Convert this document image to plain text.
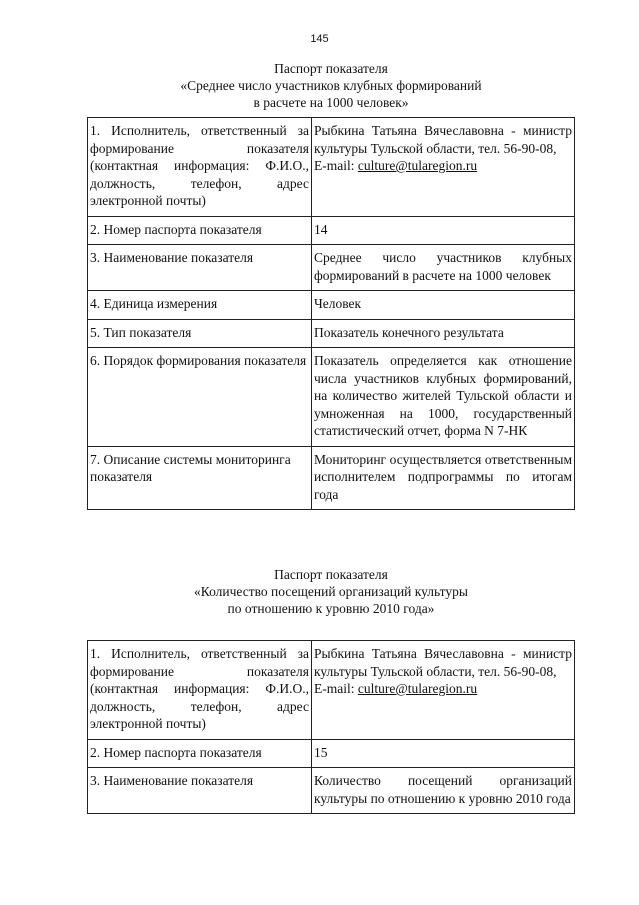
145
Паспорт показателя
«Среднее число участников клубных формирований
в расчете на 1000 человек»
1. Исполнитель, ответственный за формирование показателя (контактная информация: Ф.И.О., должность, телефон, адрес электронной почты)	Рыбкина Татьяна Вячеславовна - министр культуры Тульской области, тел. 56-90-08,
E-mail: culture@tularegion.ru

2. Номер паспорта показателя	14

3. Наименование показателя	Среднее число участников клубных формирований в расчете на 1000 человек

4. Единица измерения	Человек

5. Тип показателя	Показатель конечного результата

6. Порядок формирования показателя	Показатель определяется как отношение числа участников клубных формирований, на количество жителей Тульской области и умноженная на 1000, государственный статистический отчет, форма N 7-НК

7. Описание системы мониторинга показателя	Мониторинг осуществляется ответственным исполнителем подпрограммы по итогам года
Паспорт показателя
«Количество посещений организаций культуры
по отношению к уровню 2010 года»
1. Исполнитель, ответственный за формирование показателя (контактная информация: Ф.И.О., должность, телефон, адрес электронной почты)	Рыбкина Татьяна Вячеславовна - министр культуры Тульской области, тел. 56-90-08,
E-mail: culture@tularegion.ru

2. Номер паспорта показателя	15

3. Наименование показателя	Количество посещений организаций культуры по отношению к уровню 2010 года
